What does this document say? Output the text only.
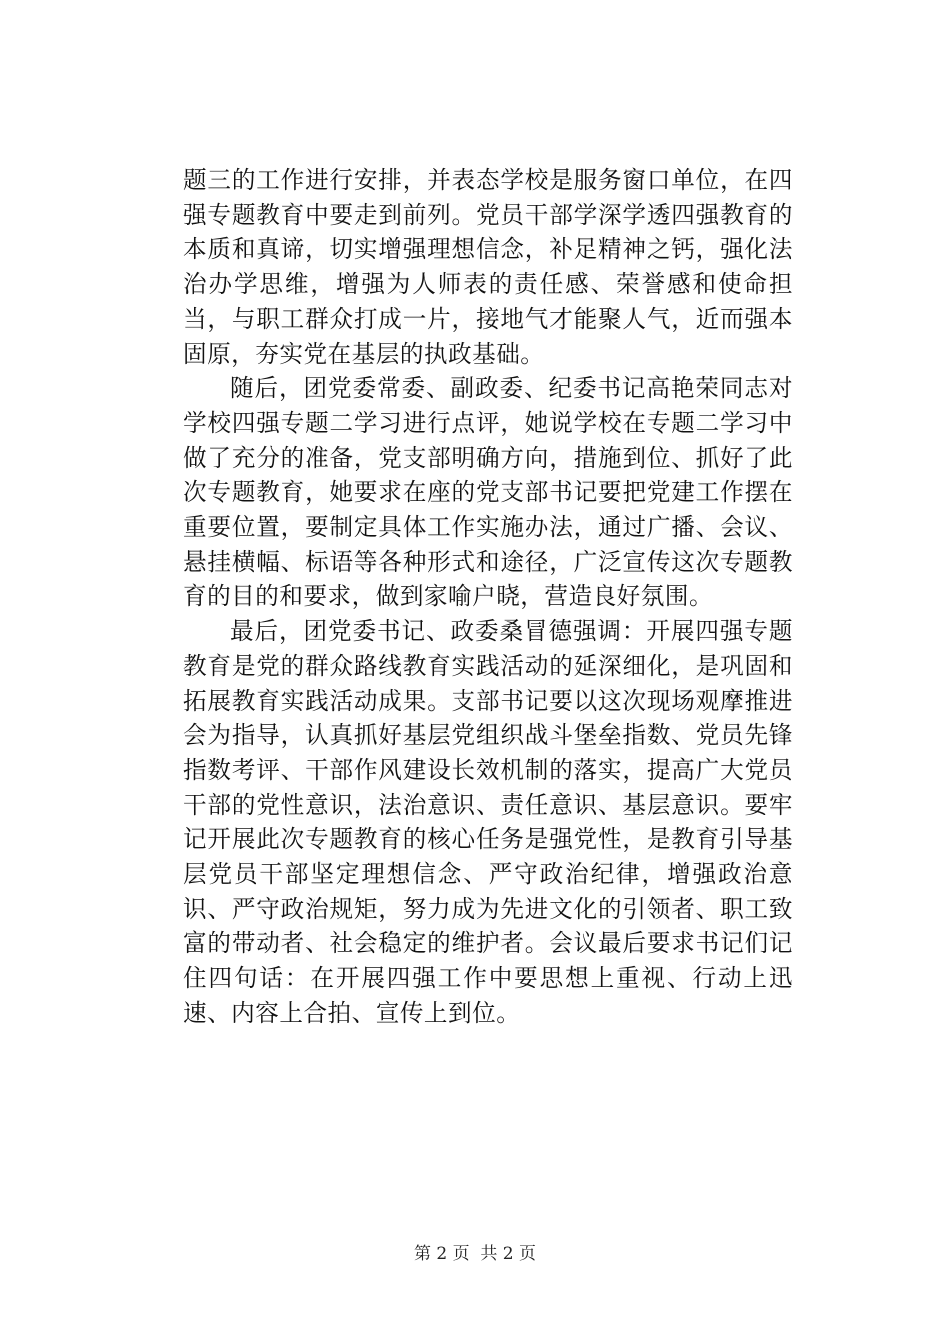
题三的工作进行安排，并表态学校是服务窗口单位，在四强专题教育中要走到前列。党员干部学深学透四强教育的本质和真谛，切实增强理想信念，补足精神之钙，强化法治办学思维，增强为人师表的责任感、荣誉感和使命担当，与职工群众打成一片，接地气才能聚人气，近而强本固原，夯实党在基层的执政基础。

随后，团党委常委、副政委、纪委书记高艳荣同志对学校四强专题二学习进行点评，她说学校在专题二学习中做了充分的准备，党支部明确方向，措施到位、抓好了此次专题教育，她要求在座的党支部书记要把党建工作摆在重要位置，要制定具体工作实施办法，通过广播、会议、悬挂横幅、标语等各种形式和途径，广泛宣传这次专题教育的目的和要求，做到家喻户晓，营造良好氛围。

最后，团党委书记、政委桑冒德强调：开展四强专题教育是党的群众路线教育实践活动的延深细化，是巩固和拓展教育实践活动成果。支部书记要以这次现场观摩推进会为指导，认真抓好基层党组织战斗堡垒指数、党员先锋指数考评、干部作风建设长效机制的落实，提高广大党员干部的党性意识，法治意识、责任意识、基层意识。要牢记开展此次专题教育的核心任务是强党性，是教育引导基层党员干部坚定理想信念、严守政治纪律，增强政治意识、严守政治规矩，努力成为先进文化的引领者、职工致富的带动者、社会稳定的维护者。会议最后要求书记们记住四句话：在开展四强工作中要思想上重视、行动上迅速、内容上合拍、宣传上到位。

第 2 页  共 2 页
